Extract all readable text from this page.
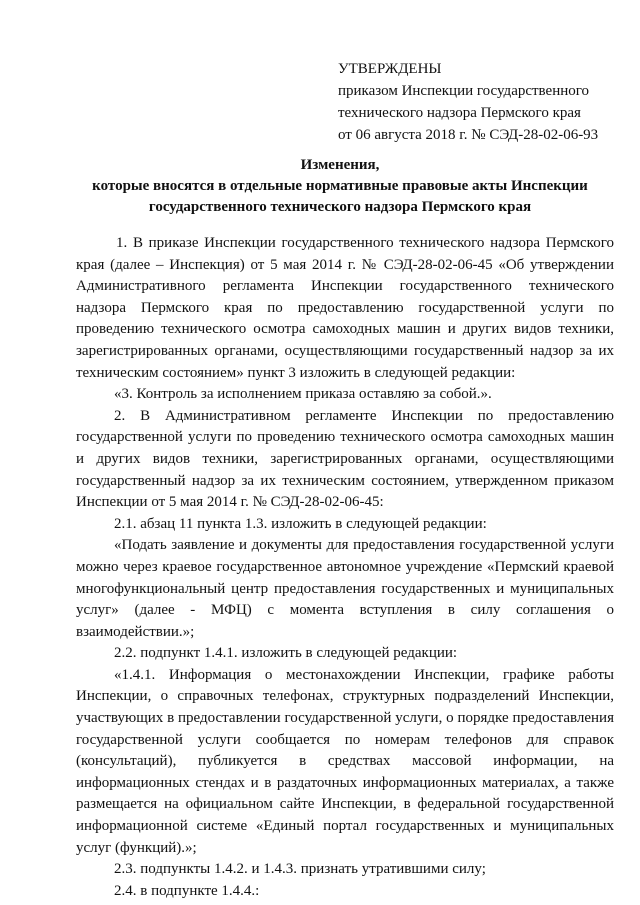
УТВЕРЖДЕНЫ
приказом Инспекции государственного
технического надзора Пермского края
от 06 августа 2018 г. № СЭД-28-02-06-93
Изменения,
которые вносятся в отдельные нормативные правовые акты Инспекции
государственного технического надзора Пермского края

1. В приказе Инспекции государственного технического надзора Пермского края (далее – Инспекция) от 5 мая 2014 г. № СЭД-28-02-06-45 «Об утверждении Административного регламента Инспекции государственного технического надзора Пермского края по предоставлению государственной услуги по проведению технического осмотра самоходных машин и других видов техники, зарегистрированных органами, осуществляющими государственный надзор за их техническим состоянием» пункт 3 изложить в следующей редакции:

«3. Контроль за исполнением приказа оставляю за собой.».

2. В Административном регламенте Инспекции по предоставлению государственной услуги по проведению технического осмотра самоходных машин и других видов техники, зарегистрированных органами, осуществляющими государственный надзор за их техническим состоянием, утвержденном приказом Инспекции от 5 мая 2014 г. № СЭД-28-02-06-45:

2.1. абзац 11 пункта 1.3. изложить в следующей редакции:

«Подать заявление и документы для предоставления государственной услуги можно через краевое государственное автономное учреждение «Пермский краевой многофункциональный центр предоставления государственных и муниципальных услуг» (далее - МФЦ) с момента вступления в силу соглашения о взаимодействии.»;

2.2. подпункт 1.4.1. изложить в следующей редакции:

«1.4.1. Информация о местонахождении Инспекции, графике работы Инспекции, о справочных телефонах, структурных подразделений Инспекции, участвующих в предоставлении государственной услуги, о порядке предоставления государственной услуги сообщается по номерам телефонов для справок (консультаций), публикуется в средствах массовой информации, на информационных стендах и в раздаточных информационных материалах, а также размещается на официальном сайте Инспекции, в федеральной государственной информационной системе «Единый портал государственных и муниципальных услуг (функций).»;

2.3. подпункты 1.4.2. и 1.4.3. признать утратившими силу;

2.4. в подпункте 1.4.4.:
